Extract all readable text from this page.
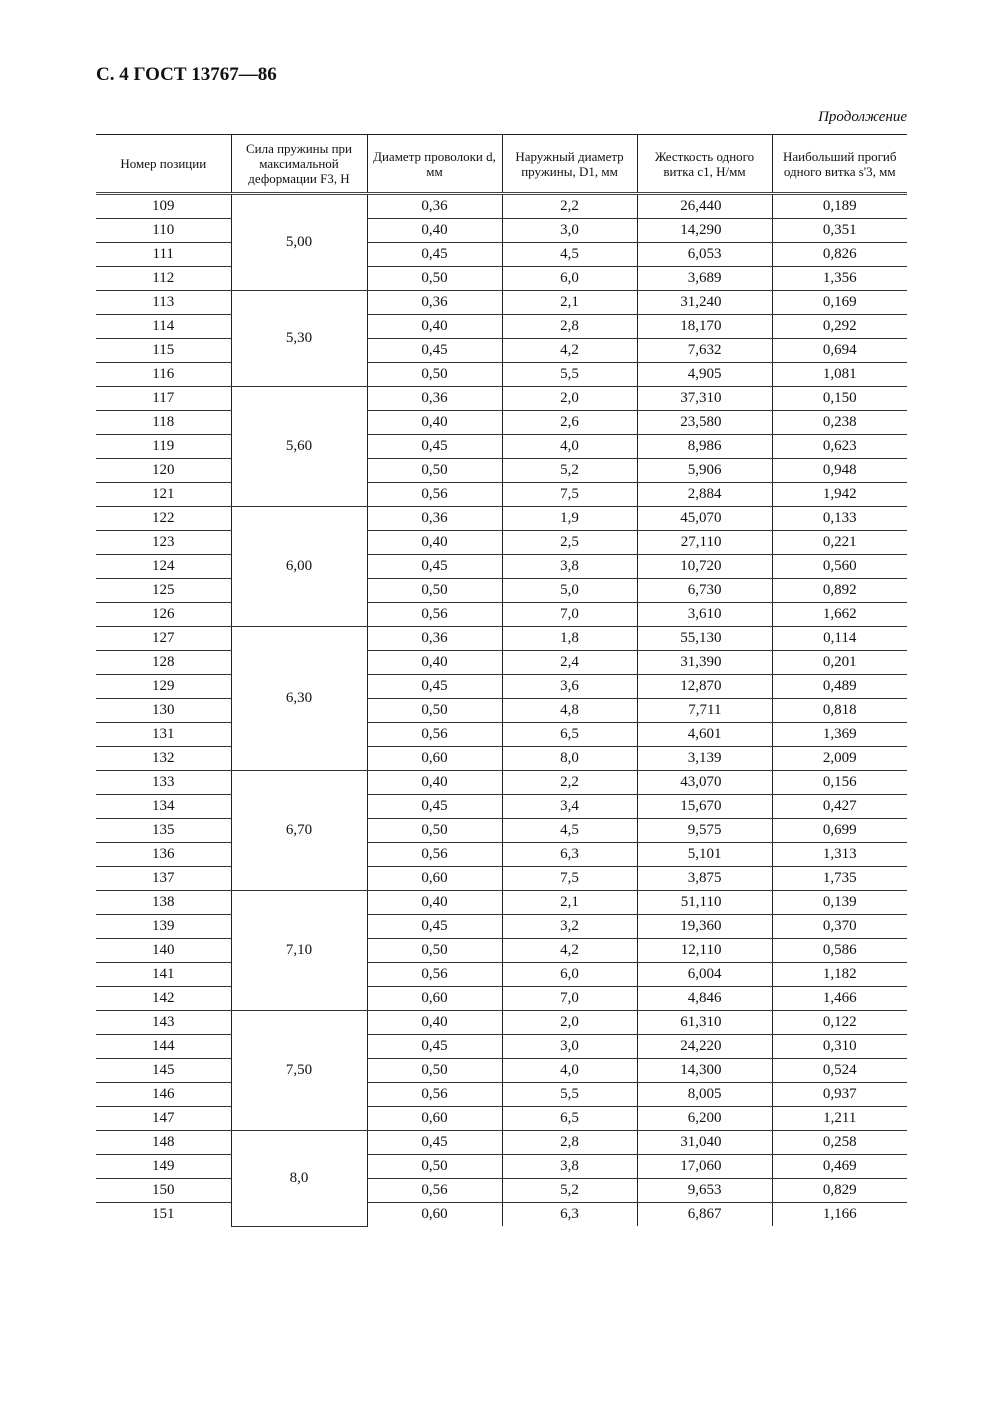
С. 4 ГОСТ 13767—86
Продолжение
Номер позиции	Сила пружины при максимальной деформации F3, Н	Диаметр проволоки d, мм	Наружный диаметр пружины, D1, мм	Жесткость одного витка c1, Н/мм	Наибольший прогиб одного витка s'3, мм
109	5,00	0,36	2,2	26,440	0,189
110		0,40	3,0	14,290	0,351
111		0,45	4,5	6,053	0,826
112		0,50	6,0	3,689	1,356
113	5,30	0,36	2,1	31,240	0,169
114		0,40	2,8	18,170	0,292
115		0,45	4,2	7,632	0,694
116		0,50	5,5	4,905	1,081
117	5,60	0,36	2,0	37,310	0,150
118		0,40	2,6	23,580	0,238
119		0,45	4,0	8,986	0,623
120		0,50	5,2	5,906	0,948
121		0,56	7,5	2,884	1,942
122	6,00	0,36	1,9	45,070	0,133
123		0,40	2,5	27,110	0,221
124		0,45	3,8	10,720	0,560
125		0,50	5,0	6,730	0,892
126		0,56	7,0	3,610	1,662
127	6,30	0,36	1,8	55,130	0,114
128		0,40	2,4	31,390	0,201
129		0,45	3,6	12,870	0,489
130		0,50	4,8	7,711	0,818
131		0,56	6,5	4,601	1,369
132		0,60	8,0	3,139	2,009
133	6,70	0,40	2,2	43,070	0,156
134		0,45	3,4	15,670	0,427
135		0,50	4,5	9,575	0,699
136		0,56	6,3	5,101	1,313
137		0,60	7,5	3,875	1,735
138	7,10	0,40	2,1	51,110	0,139
139		0,45	3,2	19,360	0,370
140		0,50	4,2	12,110	0,586
141		0,56	6,0	6,004	1,182
142		0,60	7,0	4,846	1,466
143	7,50	0,40	2,0	61,310	0,122
144		0,45	3,0	24,220	0,310
145		0,50	4,0	14,300	0,524
146		0,56	5,5	8,005	0,937
147		0,60	6,5	6,200	1,211
148	8,0	0,45	2,8	31,040	0,258
149		0,50	3,8	17,060	0,469
150		0,56	5,2	9,653	0,829
151		0,60	6,3	6,867	1,166
